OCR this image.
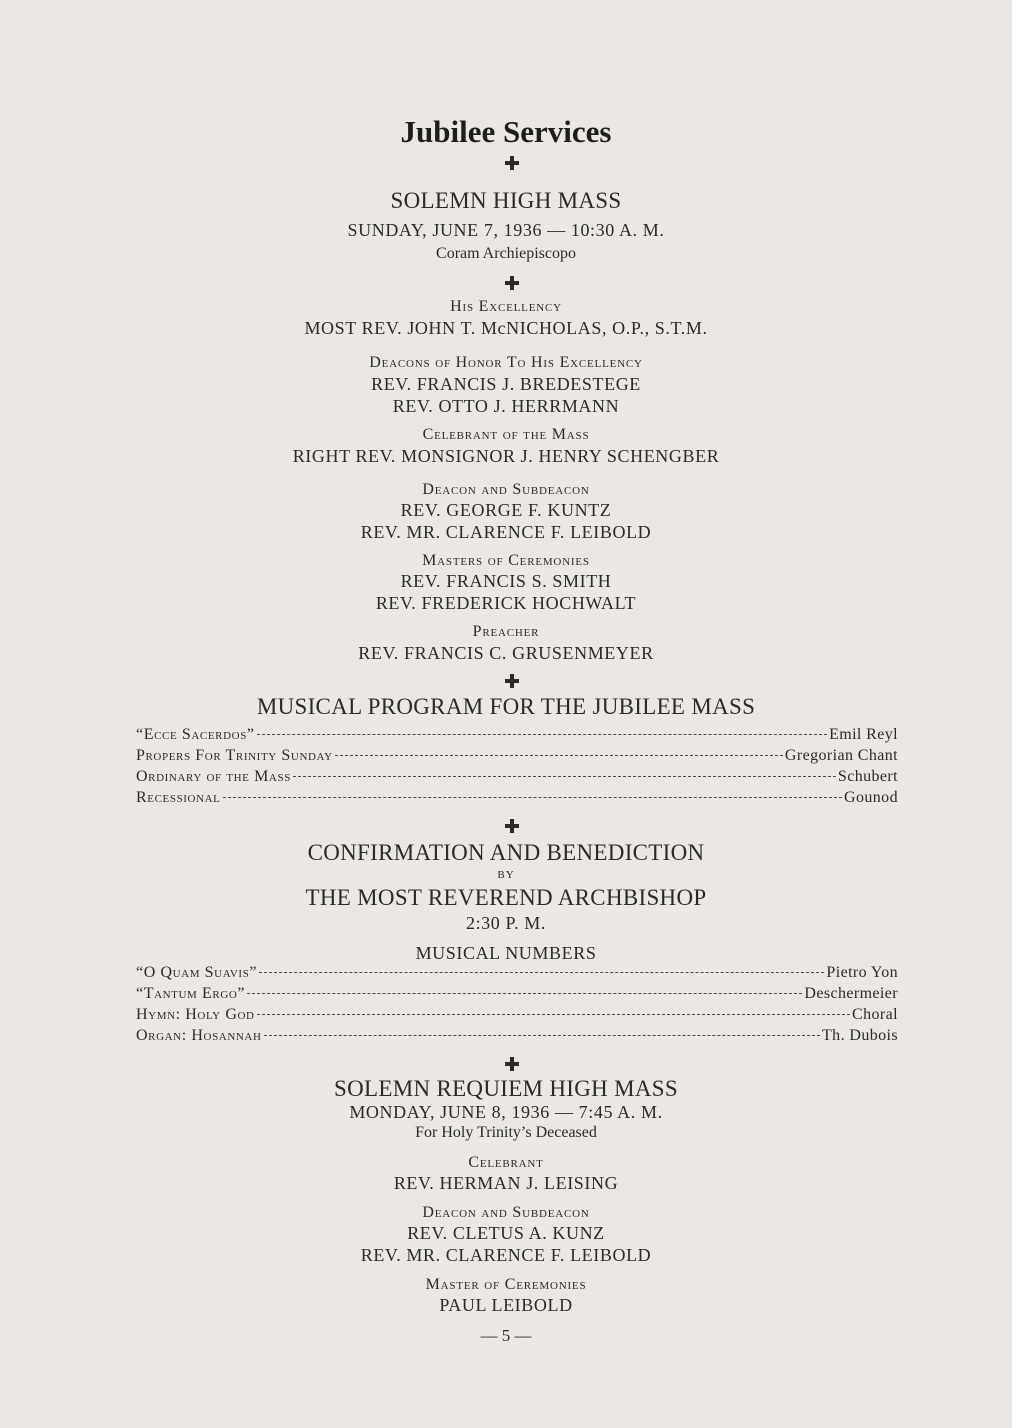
Jubilee Services
SOLEMN HIGH MASS
SUNDAY, JUNE 7, 1936 — 10:30 A. M.
Coram Archiepiscopo
His Excellency
MOST REV. JOHN T. McNICHOLAS, O.P., S.T.M.
Deacons of Honor To His Excellency
REV. FRANCIS J. BREDESTEGE
REV. OTTO J. HERRMANN
Celebrant of the Mass
RIGHT REV. MONSIGNOR J. HENRY SCHENGBER
Deacon and Subdeacon
REV. GEORGE F. KUNTZ
REV. MR. CLARENCE F. LEIBOLD
Masters of Ceremonies
REV. FRANCIS S. SMITH
REV. FREDERICK HOCHWALT
Preacher
REV. FRANCIS C. GRUSENMEYER
MUSICAL PROGRAM FOR THE JUBILEE MASS
“Ecce Sacerdos”	Emil Reyl
Propers For Trinity Sunday	Gregorian Chant
Ordinary of the Mass	Schubert
Recessional	Gounod
CONFIRMATION AND BENEDICTION
BY
THE MOST REVEREND ARCHBISHOP
2:30 P. M.
MUSICAL NUMBERS
“O Quam Suavis”	Pietro Yon
“Tantum Ergo”	Deschermeier
Hymn: Holy God	Choral
Organ: Hosannah	Th. Dubois
SOLEMN REQUIEM HIGH MASS
MONDAY, JUNE 8, 1936 — 7:45 A. M.
For Holy Trinity’s Deceased
Celebrant
REV. HERMAN J. LEISING
Deacon and Subdeacon
REV. CLETUS A. KUNZ
REV. MR. CLARENCE F. LEIBOLD
Master of Ceremonies
PAUL LEIBOLD
— 5 —
